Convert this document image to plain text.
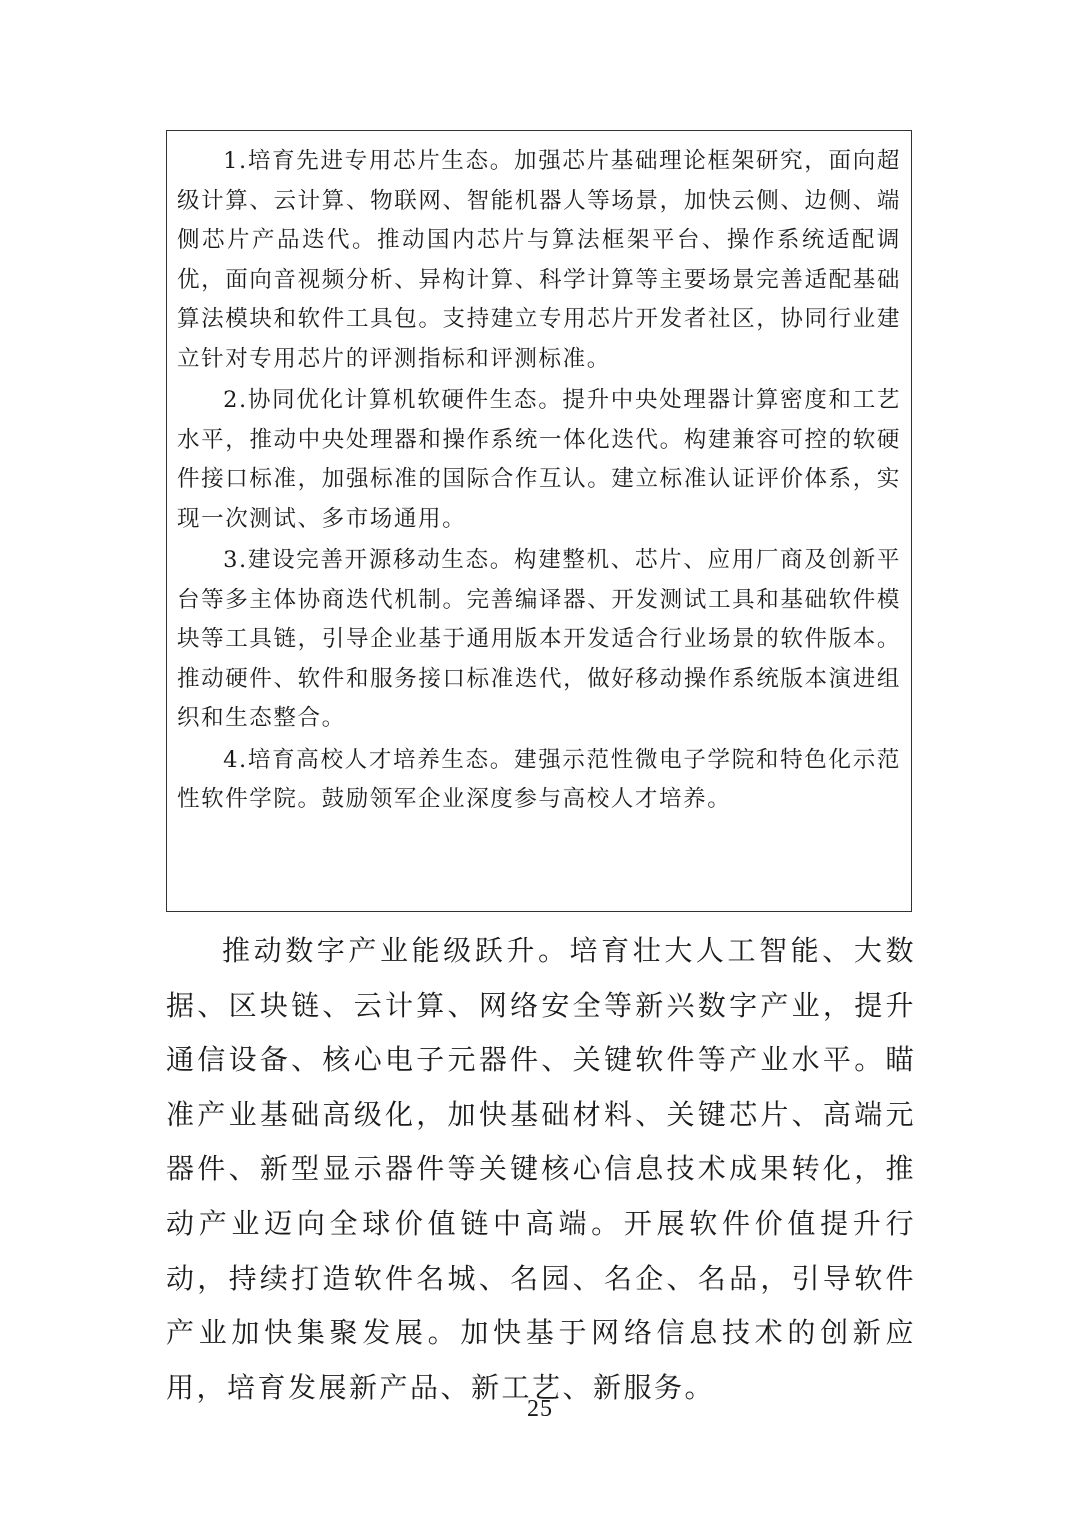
1.培育先进专用芯片生态。加强芯片基础理论框架研究，面向超级计算、云计算、物联网、智能机器人等场景，加快云侧、边侧、端侧芯片产品迭代。推动国内芯片与算法框架平台、操作系统适配调优，面向音视频分析、异构计算、科学计算等主要场景完善适配基础算法模块和软件工具包。支持建立专用芯片开发者社区，协同行业建立针对专用芯片的评测指标和评测标准。

2.协同优化计算机软硬件生态。提升中央处理器计算密度和工艺水平，推动中央处理器和操作系统一体化迭代。构建兼容可控的软硬件接口标准，加强标准的国际合作互认。建立标准认证评价体系，实现一次测试、多市场通用。

3.建设完善开源移动生态。构建整机、芯片、应用厂商及创新平台等多主体协商迭代机制。完善编译器、开发测试工具和基础软件模块等工具链，引导企业基于通用版本开发适合行业场景的软件版本。推动硬件、软件和服务接口标准迭代，做好移动操作系统版本演进组织和生态整合。

4.培育高校人才培养生态。建强示范性微电子学院和特色化示范性软件学院。鼓励领军企业深度参与高校人才培养。

推动数字产业能级跃升。培育壮大人工智能、大数据、区块链、云计算、网络安全等新兴数字产业，提升通信设备、核心电子元器件、关键软件等产业水平。瞄准产业基础高级化，加快基础材料、关键芯片、高端元器件、新型显示器件等关键核心信息技术成果转化，推动产业迈向全球价值链中高端。开展软件价值提升行动，持续打造软件名城、名园、名企、名品，引导软件产业加快集聚发展。加快基于网络信息技术的创新应用，培育发展新产品、新工艺、新服务。

25
